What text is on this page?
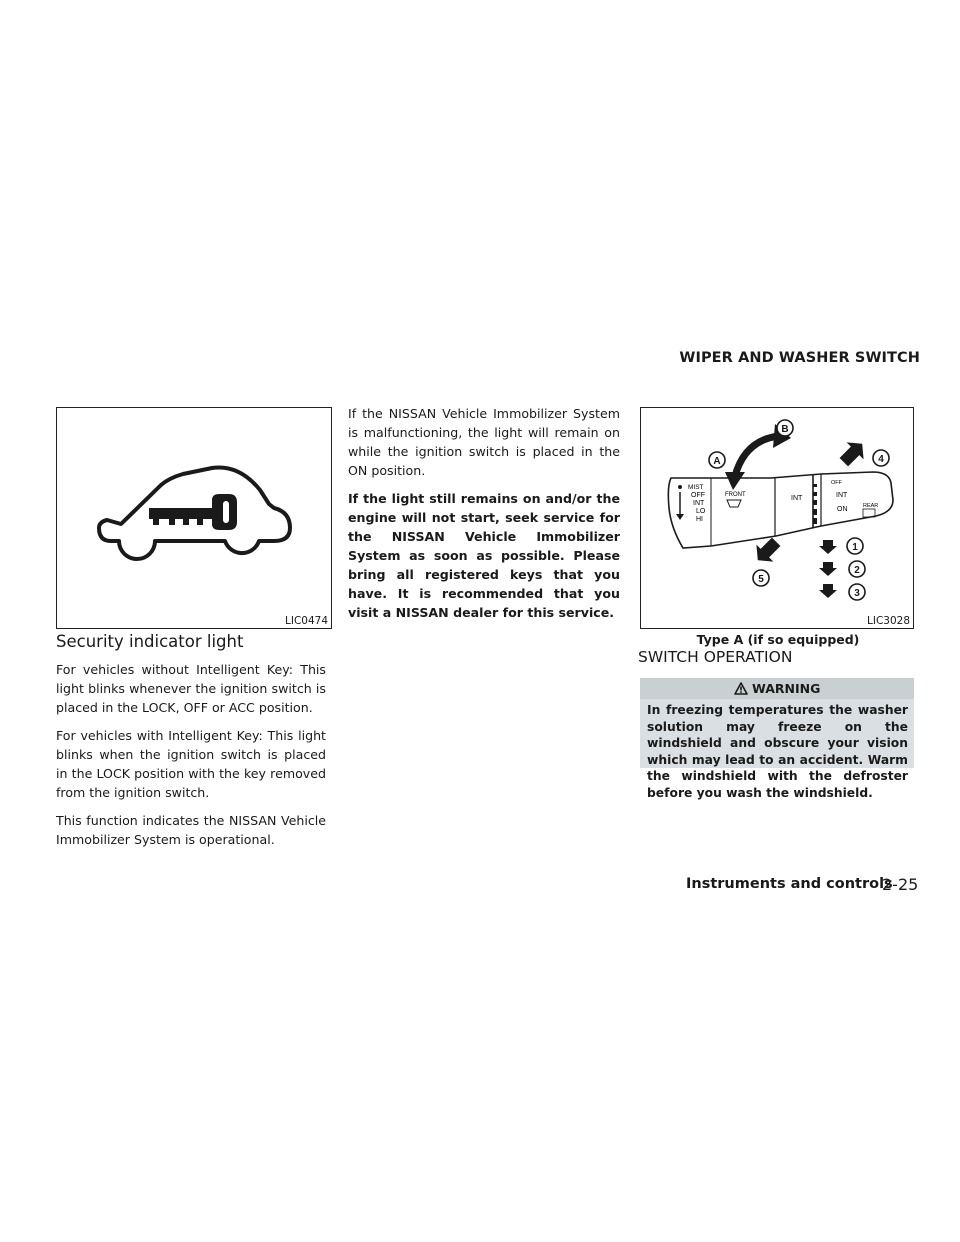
WIPER AND WASHER SWITCH
LIC0474
Security indicator light

For vehicles without Intelligent Key: This light blinks whenever the ignition switch is placed in the LOCK, OFF or ACC position.

For vehicles with Intelligent Key: This light blinks when the ignition switch is placed in the LOCK position with the key removed from the ignition switch.

This function indicates the NISSAN Vehicle Immobilizer System is operational.

If the NISSAN Vehicle Immobilizer System is malfunctioning, the light will remain on while the ignition switch is placed in the ON position.

If the light still remains on and/or the engine will not start, seek service for the NISSAN Vehicle Immobilizer System as soon as possible. Please bring all registered keys that you have. It is recommended that you visit a NISSAN dealer for this service.

MIST
OFF
INT
LO
HI
FRONT	INT
OFF
INT
ON	REAR
A
B
4
5
1
2
3
LIC3028
Type A (if so equipped)
SWITCH OPERATION
WARNING
In freezing temperatures the washer solution may freeze on the windshield and obscure your vision which may lead to an accident. Warm the windshield with the defroster before you wash the windshield.
Instruments and controls
2-25
